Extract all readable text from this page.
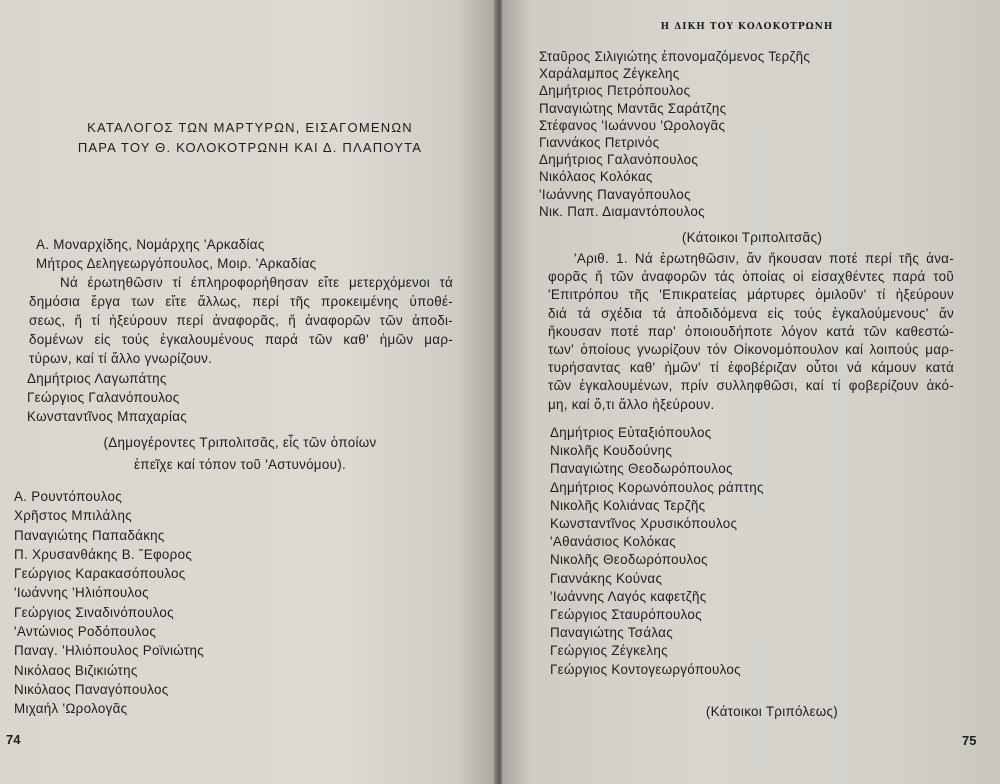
ΚΑΤΑΛΟΓΟΣ ΤΩΝ ΜΑΡΤΥΡΩΝ, ΕΙΣΑΓΟΜΕΝΩΝ
ΠΑΡΑ ΤΟΥ Θ. ΚΟΛΟΚΟΤΡΩΝΗ ΚΑΙ Δ. ΠΛΑΠΟΥΤΑ
Α. Μοναρχίδης, Νομάρχης 'Αρκαδίας
Μήτρος Δεληγεωργόπουλος, Μοιρ. 'Αρκαδίας
Νά έρωτηθῶσιν τί έπληροφορήθησαν εἴτε μετερχόμενοι τά
δημόσια ἔργα των εἴτε ἄλλως, περί τῆς προκειμένης ὑποθέ-
σεως, ἤ τί ἠξεύρουν περί ἀναφορᾶς, ἤ ἀναφορῶν τῶν ἀποδι-
δομένων εἰς τούς ἐγκαλουμένους παρά τῶν καθ' ἡμῶν μαρ-
τύρων, καί τί ἄλλο γνωρίζουν.
Δημήτριος Λαγωπάτης
Γεώργιος Γαλανόπουλος
Κωνσταντῖνος Μπαχαρίας
(Δημογέροντες Τριπολιτσᾶς, εἷς τῶν ὁποίων
ἐπεῖχε καί τόπον τοῦ 'Αστυνόμου).
Α. Ρουντόπουλος
Χρῆστος Μπιλάλης
Παναγιώτης Παπαδάκης
Π. Χρυσανθάκης Β. ῎Εφορος
Γεώργιος Καρακασόπουλος
'Ιωάννης 'Ηλιόπουλος
Γεώργιος Σιναδινόπουλος
'Αντώνιος Ροδόπουλος
Παναγ. 'Ηλιόπουλος Ροϊνιώτης
Νικόλαος Βιζικιώτης
Νικόλαος Παναγόπουλος
Μιχαήλ 'Ωρολογᾶς
74
Η ΔΙΚΗ ΤΟΥ ΚΟΛΟΚΟΤΡΩΝΗ
Σταῦρος Σιλιγιώτης ἐπονομαζόμενος Τερζῆς
Χαράλαμπος Ζέγκελης
Δημήτριος Πετρόπουλος
Παναγιώτης Μαντᾶς Σαράτζης
Στέφανος 'Ιωάννου 'Ωρολογᾶς
Γιαννάκος Πετρινός
Δημήτριος Γαλανόπουλος
Νικόλαος Κολόκας
'Ιωάννης Παναγόπουλος
Νικ. Παπ. Διαμαντόπουλος
(Κάτοικοι Τριπολιτσᾶς)
'Αριθ. 1. Νά ἐρωτηθῶσιν, ἄν ἤκουσαν ποτέ περί τῆς ἀνα-
φορᾶς ἤ τῶν ἀναφορῶν τάς ὁποίας οἱ εἰσαχθέντες παρά τοῦ
'Επιτρόπου τῆς 'Επικρατείας μάρτυρες ὁμιλοῦν' τί ἠξεύρουν
διά τά σχέδια τά ἀποδιδόμενα εἰς τούς ἐγκαλούμενους' ἄν
ἤκουσαν ποτέ παρ' ὁποιουδήποτε λόγον κατά τῶν καθεστώ-
των' ὁποίους γνωρίζουν τόν Οἰκονομόπουλον καί λοιπούς μαρ-
τυρήσαντας καθ' ἡμῶν' τί ἐφοβέριζαν οὗτοι νά κάμουν κατά
τῶν ἐγκαλουμένων, πρίν συλληφθῶσι, καί τί φοβερίζουν ἀκό-
μη, καί ὅ,τι ἄλλο ἠξεύρουν.
Δημήτριος Εὐταξιόπουλος
Νικολῆς Κουδούνης
Παναγιώτης Θεοδωρόπουλος
Δημήτριος Κορωνόπουλος ράπτης
Νικολῆς Κολιάνας Τερζῆς
Κωνσταντῖνος Χρυσικόπουλος
'Αθανάσιος Κολόκας
Νικολῆς Θεοδωρόπουλος
Γιαννάκης Κούνας
'Ιωάννης Λαγός καφετζῆς
Γεώργιος Σταυρόπουλος
Παναγιώτης Τσάλας
Γεώργιος Ζέγκελης
Γεώργιος Κοντογεωργόπουλος
(Κάτοικοι Τριπόλεως)
75
